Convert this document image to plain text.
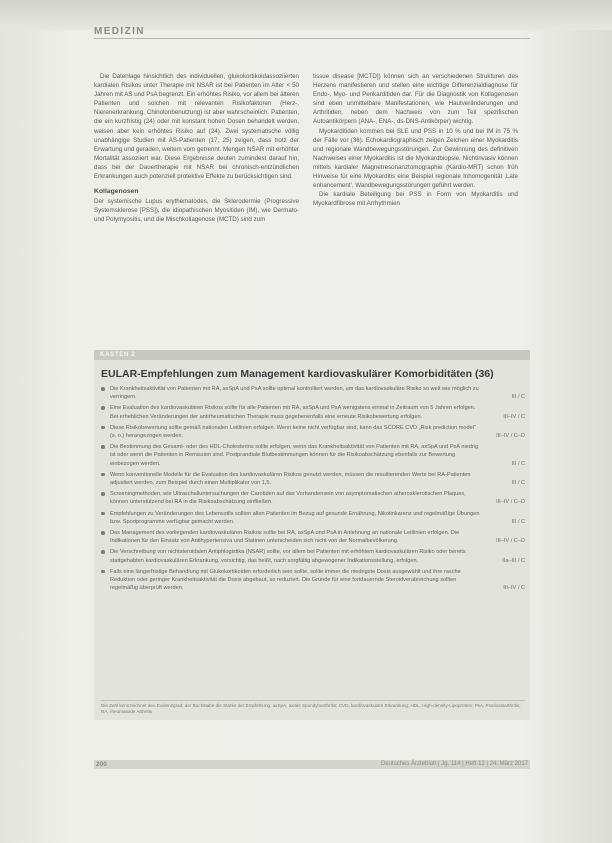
MEDIZIN

Die Datenlage hinsichtlich des individuellen, glukokortikoidassoziierten kardialen Risikos unter Therapie mit NSAR ist bei Patienten im Alter < 50 Jahren mit AS und PsA begrenzt. Ein erhöhtes Risiko, vor allem bei älteren Patienten und solchen mit relevanten Risikofaktoren (Herz-, Nierenerkrankung, Chinolonbenutzung) ist aber wahrscheinlich. Patienten, die ein kurzfristig (24) oder mit konstant hohen Dosen behandelt werden, weisen aber kein erhöhtes Risiko auf (24). Zwei systematische völlig unabhängige Studien mit AS-Patienten (17, 25) zeigen, dass trotz der Erwartung und geraden, weitem vom getrennt. Mengen NSAR mit erhöhter Mortalität assoziiert war. Diese Ergebnisse deuten zumindest darauf hin, dass bei der Dauertherapie mit NSAR bei chronisch-entzündlichen Erkrankungen auch potenziell protektive Effekte zu berücksichtigen sind.

Kollagenosen

Der systemische Lupus erythematodes, die Sklerodermie (Progressive Systemsklerose [PSS]), die idiopathischen Myositiden (IM), wie Dermato- und Polymyositis, und die Mischkollagenose (MCTD) sind zum

tissue disease [MCTD]) können sich an verschiedenen Strukturen des Herzens manifestieren und stellen eine wichtige Differenzialdiagnose für Endo-, Myo- und Perikarditiden dar. Für die Diagnostik von Kollagenosen sind eben unmittelbare Manifestationen, wie Hautveränderungen und Arthritiden, neben dem Nachweis von zum Teil spezifischen Autoantikörpern (ANA-, ENA-, ds-DNS-Antikörper) wichtig.

Myokarditiden kommen bei SLE und PSS in 10 % und bei IM in 75 % der Fälle vor (36). Echokardiographisch zeigen Zeichen einer Myokarditis und regionale Wandbewegungsstörungen. Zur Gewinnung des definitiven Nachweises einer Myokarditis ist die Myokardbiopsie. Nichtinvasiv können mittels kardialer Magnetresonanztomographie (Kardio-MRT) schon früh Hinweise für eine Myokarditis eine Beispiel regionale Inhomogenität ‚Late enhancement‘, Wandbewegungsstörungen geführt werden.

Die kardiale Beteiligung bei PSS in Form von Myokarditis und Myokardfibrose mit Arrhythmien

KASTEN 2
EULAR-Empfehlungen zum Management kardiovaskulärer Komorbiditäten (36)
Die Krankheitsaktivität von Patienten mit RA, axSpA und PsA sollte optimal kontrolliert werden, um das kardiovaskuläre Risiko so weit wie möglich zu verringern.	III / C
Eine Evaluation des kardiovaskulären Risikos sollte für alle Patienten mit RA, axSpA und PsA wenigstens einmal in Zeitraum von 5 Jahren erfolgen. Bei erheblichen Veränderungen der antirheumatischen Therapie muss gegebenenfalls eine erneute Risikobewertung erfolgen.	III–IV / C
Diese Risikobewertung sollte gemäß nationalen Leitlinien erfolgen. Wenn keine nicht verfügbar sind, kann das SCORE CVD „Risk prediction model“ (s. o.) herangezogen werden.	III–IV / C–D
Die Bestimmung des Gesamt- oder des HDL-Cholesterins sollte erfolgen, wenn das Krankheitsaktivität von Patienten mit RA, axSpA und PsA niedrig ist oder wenn die Patienten in Remission sind. Postprandiale Blutbestimmungen können für die Risikoabschätzung ebenfalls zur Bewertung einbezogen werden.	III / C
Wenn konventionelle Modelle für die Evaluation des kardiovaskulären Risikos genutzt werden, müssen die resultierenden Werte bei RA-Patienten adjustiert werden, zum Beispiel durch einen Multiplikator von 1,5.	III / C
Screeningmethoden, wie Ultraschalluntersuchungen der Carotiden auf das Vorhandensein von asymptomatischen atherosklerotischen Plaques, können unterstützend bei RA in die Risikoabschätzung einfließen.	III–IV / C–D
Empfehlungen zu Veränderungen des Lebensstils sollten allen Patienten im Bezug auf gesunde Ernährung, Nikotinkarenz und regelmäßige Übungen bzw. Sportprogramme verfügbar gemacht werden.	III / C
Das Management des vorliegenden kardiovaskulären Risikos sollte bei RA, axSpA und PsA in Anlehnung an nationale Leitlinien erfolgen. Die Indikationen für den Einsatz von Antihypertensiva und Statinen unterscheiden sich nicht von der Normalbevölkerung.	III–IV / C–D
Die Verschreibung von nichtsteroidalen Antiphlogistika (NSAR) sollte, vor allem bei Patienten mit erhöhtem kardiovaskulären Risiko oder bereits stattgehabten kardiovaskulären Erkrankung, vorsichtig, das heißt, nach sorgfältig abgewogener Indikationsstellung, erfolgen.	IIa–III / C
Falls eine längerfristige Behandlung mit Glukokortikoiden erforderlich sein sollte, sollte immer die niedrigste Dosis ausgewählt und ihre rasche Reduktion oder geringer Krankheitsaktivität die Dosis abgebaut, so reduziert. Die Gründe für eine fortdauernde Steroidverabreichung sollten regelmäßig überprüft werden.	III–IV / C
Die Zahl kennzeichnet den Evidenzgrad; der Buchstabe die Stärke der Empfehlung. axSpA, axiale Spondyloarthritis; CVD, kardiovaskuläre Erkrankung; HDL, High-density-Lipoprotein; PsA, Psoriasisarthritis; RA, rheumatoide Arthritis
200	Deutsches Ärzteblatt | Jg. 114 | Heft 12 | 24. März 2017
